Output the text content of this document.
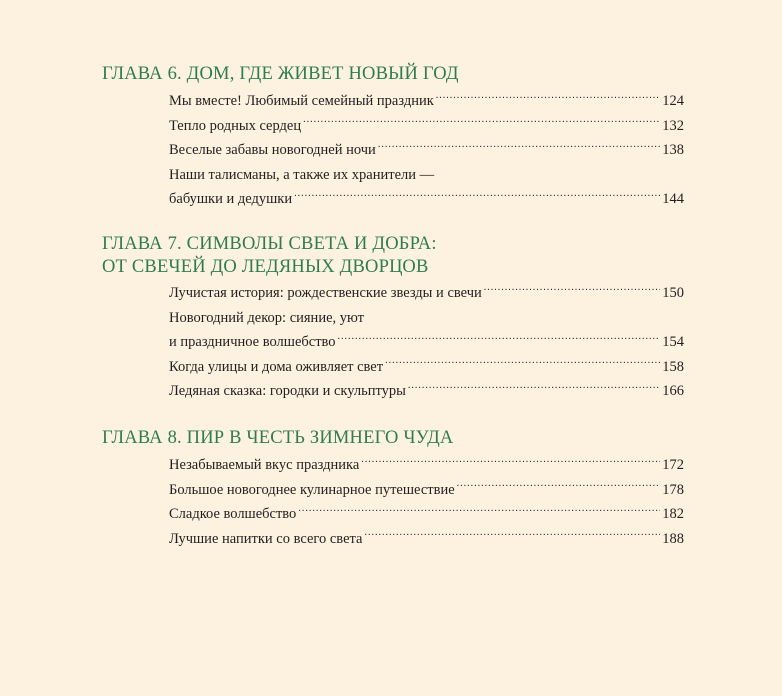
ГЛАВА 6. ДОМ, ГДЕ ЖИВЕТ НОВЫЙ ГОД
Мы вместе! Любимый семейный праздник .....	124
Тепло родных сердец .....	132
Веселые забавы новогодней ночи .....	138
Наши талисманы, а также их хранители —
бабушки и дедушки .....	144
ГЛАВА 7. СИМВОЛЫ СВЕТА И ДОБРА:
ОТ СВЕЧЕЙ ДО ЛЕДЯНЫХ ДВОРЦОВ
Лучистая история: рождественские звезды и свечи .....	150
Новогодний декор: сияние, уют
и праздничное волшебство .....	154
Когда улицы и дома оживляет свет .....	158
Ледяная сказка: городки и скульптуры .....	166
ГЛАВА 8. ПИР В ЧЕСТЬ ЗИМНЕГО ЧУДА
Незабываемый вкус праздника .....	172
Большое новогоднее кулинарное путешествие .....	178
Сладкое волшебство .....	182
Лучшие напитки со всего света .....	188
